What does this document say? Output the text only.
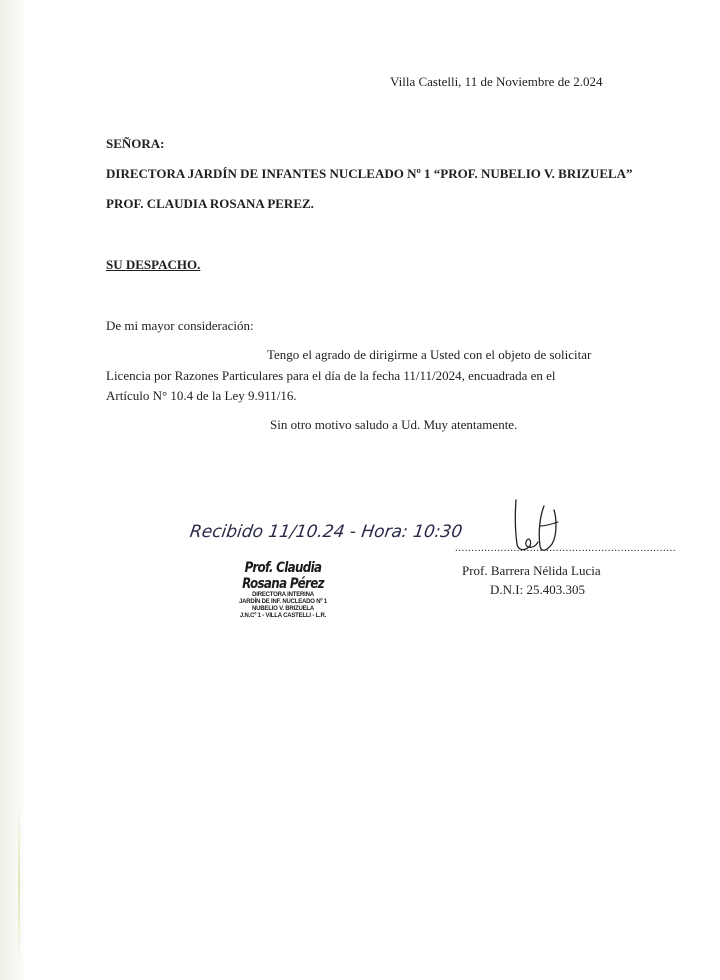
Villa Castelli, 11 de Noviembre de 2.024
SEÑORA:
DIRECTORA JARDÍN DE INFANTES NUCLEADO Nº 1 “PROF. NUBELIO V. BRIZUELA”
PROF. CLAUDIA ROSANA PEREZ.
SU DESPACHO.
De mi mayor consideración:
Tengo el agrado de dirigirme a Usted con el objeto de solicitar
Licencia por Razones Particulares para el día de la fecha 11/11/2024, encuadrada en el
Artículo N° 10.4 de la Ley 9.911/16.
Sin otro motivo saludo a Ud. Muy atentamente.
Recibido 11/10.24 - Hora: 10:30
Prof. Claudia Rosana Pérez
DIRECTORA INTERINA
JARDÍN DE INF. NUCLEADO Nº 1
NUBELIO V. BRIZUELA
J.N.Cº 1 - VILLA CASTELLI - L.R.
....................................................................
Prof. Barrera Nélida Lucia
D.N.I: 25.403.305
